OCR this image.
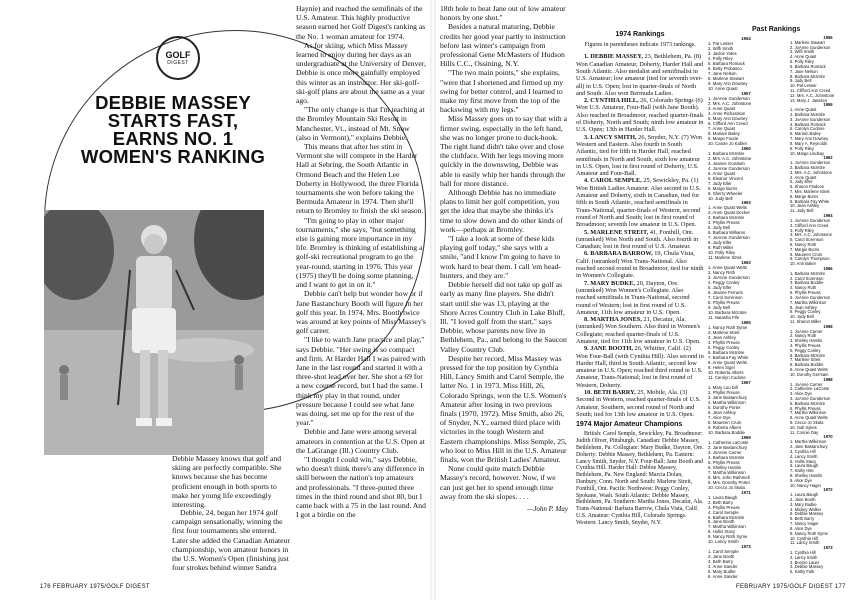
GOLF
DIGEST
DEBBIE MASSEY
STARTS FAST,
EARNS NO. 1
WOMEN'S RANKING

Debbie Massey knows that golf and skiing are perfectly compatible. She knows because she has become proficient enough in both sports to make her young life exceedingly interesting.

Debbie, 24, began her 1974 golf campaign sensationally, winning the first four tournaments she entered. Later she added the Canadian Amateur championship, won amateur honors in the U.S. Women's Open (finishing just four strokes behind winner Sandra

Haynie) and reached the semifinals of the U.S. Amateur. This highly productive season earned her Golf Digest's ranking as the No. 1 woman amateur for 1974.

As for skiing, which Miss Massey learned to enjoy during her days as an undergraduate at the University of Denver, Debbie is once more gainfully employed this winter as an instructor. Her ski-golf-ski-golf plans are about the same as a year ago.

"The only change is that I'm teaching at the Bromley Mountain Ski Resort in Manchester, Vt., instead of Mt. Snow (also in Vermont)," explains Debbie.

This means that after her stint in Vermont she will compete in the Harder Hall at Sebring, the South Atlantic in Ormond Beach and the Helen Lee Doherty in Hollywood, the three Florida tournaments she won before taking the Bermuda Amateur in 1974. Then she'll return to Bromley to finish the ski season.

"I'm going to play in other major tournaments," she says, "but something else is gaining more importance in my life. Bromley is thinking of establishing a golf-ski recreational program to go the year-round, starting in 1976. This year (1975) they'll be doing some planning, and I want to get in on it."

Debbie can't help but wonder how or if Jane Bastanchury Booth will figure in her golf this year. In 1974, Mrs. Booth twice was around at key points of Miss Massey's golf career.

"I like to watch Jane practice and play," says Debbie. "Her swing is so compact and firm. At Harder Hall I was paired with Jane in the last round and started it with a three-shot lead over her. She shot a 69 for a new course record, but I had the same. I think my play in that round, under pressure because I could see what Jane was doing, set me up for the rest of the year."

Debbie and Jane were among several amateurs in contention at the U.S. Open at the LaGrange (Ill.) Country Club.

"I thought I could win," says Debbie, who doesn't think there's any difference in skill between the nation's top amateurs and professionals. "I three-putted three times in the third round and shot 80, but I came back with a 75 in the last round. And I got a birdie on the

18th hole to beat Jane out of low amateur honors by one shot."

Besides a natural maturing, Debbie credits her good year partly to instruction before last winter's campaign from professional Gene McMasters of Hudson Hills C.C., Ossining, N.Y.

"The two main points," she explains, "were that I shortened and firmed up my swing for better control, and I learned to make my first move from the top of the backswing with my legs."

Miss Massey goes on to say that with a firmer swing, especially in the left hand, she was no longer prone to duck-hook. The right hand didn't take over and close the clubface. With her legs moving more quickly in the downswing, Debbie was able to easily whip her hands through the ball for more distance.

Although Debbie has no immediate plans to limit her golf competition, you get the idea that maybe she thinks it's time to slow down and do other kinds of work—perhaps at Bromley.

"I take a look at some of these kids playing golf today," she says with a smile, "and I know I'm going to have to work hard to beat them. I call 'em head-hunters, and they are."

Debbie herself did not take up golf as early as many fine players. She didn't start until she was 13, playing at the Shore Acres Country Club in Lake Bluff, Ill. "I loved golf from the start," says Debbie, whose parents now live in Bethlehem, Pa., and belong to the Saucon Valley Country Club.

Despite her record, Miss Massey was pressed for the top position by Cynthia Hill, Lancy Smith and Carol Semple, the latter No. 1 in 1973. Miss Hill, 26, Colorado Springs, won the U.S. Women's Amateur after losing in two previous finals (1970, 1972). Miss Smith, also 26, of Snyder, N.Y., earned third place with victories in the tough Western and Eastern championships. Miss Semple, 25, who lost to Miss Hill in the U.S. Amateur finals, won the British Ladies' Amateur.

None could quite match Debbie Massey's record, however. Now, if we can just get her to spend enough time away from the ski slopes. . . .

—John P. May
1974 Rankings
Figures in parentheses indicate 1973 rankings.

1. DEBBIE MASSEY, 23, Bethlehem, Pa. (8) Won Canadian Amateur, Doherty, Harder Hall and South Atlantic. Also medalist and semifinalist in U.S. Amateur; low amateur (tied for seventh over-all) in U.S. Open; lost in quarter-finals of North and South. Also won Bermuda Ladies.

2. CYNTHIA HILL, 26, Colorado Springs (6) Won U.S. Amateur, Four-Ball (with Jane Booth). Also reached in Broadmoor, reached quarter-finals of Doherty, North and South; ninth low amateur in U.S. Open; 13th in Harder Hall.

3. LANCY SMITH, 26, Snyder, N.Y. (7) Won Western and Eastern. Also fourth in South Atlantic, tied for fifth in Harder Hall, reached semifinals in North and South, sixth low amateur in U.S. Open, lost in first round of Doherty, U.S. Amateur and Four-Ball.

4. CAROL SEMPLE, 25, Sewickley, Pa. (1) Won British Ladies Amateur. Also second in U.S. Amateur and Doherty, sixth in Canadian, tied for fifth in South Atlantic, reached semifinals in Trans-National, quarter-finals of Western, second round of North and South; lost in first round of Broadmoor; seventh low amateur in U.S. Open.

5. MARLENE STREIT, 41, Fonthill, Ont. (unranked) Won North and South. Also fourth in Canadian; lost in first round of U.S. Amateur.

6. BARBARA BARROW, 19, Chula Vista, Calif. (unranked) Won Trans-National. Also reached second round in Broadmoor, tied for ninth in Women's Collegiate.

7. MARY BUDKE, 20, Dayton, Ore. (unranked) Won Women's Collegiate. Also reached semifinals in Trans-National, second round of Western; lost in first round of U.S. Amateur, 11th low amateur in U.S. Open.

8. MARTHA JONES, 21, Decatur, Ala. (unranked) Won Southern. Also third in Women's Collegiate; reached quarter-finals of U.S. Amateur, tied for 11th low amateur in U.S. Open.

9. JANE BOOTH, 26, Whittier, Calif. (2) Won Four-Ball (with Cynthia Hill). Also second in Harder Hall, third in South Atlantic, second low amateur in U.S. Open; reached third round in U.S. Amateur, Trans-National; lost in first round of Western, Doherty.

10. BETH BARRY, 25, Mobile, Ala. (3) Second in Western, reached quarter-finals of U.S. Amateur, Southern, second round of North and South; tied for 13th low amateur in U.S. Open.

1974 Major Amateur Champions

British: Carol Semple, Sewickley, Pa. Broadmoor: Judith Oliver, Pittsburgh. Canadian: Debbie Massey, Bethlehem, Pa. Collegiate: Mary Budke, Dayton, Ore. Doherty: Debbie Massey, Bethlehem, Pa. Eastern: Lancy Smith, Snyder, N.Y. Four-Ball: Jane Booth and Cynthia Hill. Harder Hall: Debbie Massey, Bethlehem, Pa. New England: Marcia Dolan, Danbury, Conn. North and South: Marlene Streit, Fonthill, Ont. Pacific Northwest: Peggy Conley, Spokane, Wash. South Atlantic: Debbie Massey, Bethlehem, Pa. Southern: Martha Jones, Decatur, Ala. Trans-National: Barbara Barrow, Chula Vista, Calif. U.S. Amateur: Cynthia Hill, Colorado Springs. Western: Lancy Smith, Snyder, N.Y.

Past Rankings
1954
1. Pat Lesser
2. Wiffi Smith
3. Jackie Yates
4. Polly Riley
5. Barbara Romack
6. Betty Probasco
7. Jane Nelson
8. Marlene Stewart
9. Mary Ann Downey
10. Anne Quast
1957
1. JoAnne Gunderson
2. Mrs. A.C. Johnstone
3. Anne Quast
4. Anne Richardson
5. Mary Ann Downey
6. Clifford Ann Creed
7. Anne Quast
8. Mariam Bailey
9. Marge Fourie
10. Carole Jo Kabler
1960
1. Barbara McIntire
2. Mrs. A.C. Johnstone
3. Joanne Goodwin
4. JoAnne Gunderson
5. Anne Quast
6. Eleanor Vincent
7. Judy Eller
8. Marge Burns
9. Sherry Wheeler
10. Judy Bell
1963
1. Anne Quast Welts
2. Anne Quast Decker
3. Barbara McIntire
4. Phyllis Preuss
5. Judy Bell
6. Barbara Williams
7. JoAnne Gunderson
8. Judy Eller
9. Ruth Miller
10. Polly Riley
11. Marlene Streit
1963
1. Anne Quast Welts
2. Nancy Roth
3. JoAnne Gunderson
4. Peggy Conley
5. Judy Eller
6. Jeanne Ferraris
7. Carol Sorenson
8. Phyllis Preuss
9. Judy Bell
10. Barbara McIntire
11. Natasha Fife
1965
1. Nancy Roth Syme
2. Marlene Streit
3. Jean Ashley
4. Phyllis Preuss
5. Peggy Conley
6. Barbara McIntire
7. Barbara Fay White
8. Anne Quast Welts
9. Helen Sigel
10. Roberta Albers
11. Carolyn Cudone
1967
1. Mary Lou Dill
2. Phyllis Preuss
3. Jane Bastanchury
4. Martha Wilkinson
5. Dorothy Porter
6. Jean Ashley
7. Alice Dye
8. Maureen Crum
9. Roberta Albers
10. Barbara Boddie
1969
1. Catherine LaCoste
2. Jane Bastanchury
3. JoAnne Carner
4. Barbara McIntire
5. Phyllis Preuss
6. Shelley Hamlin
7. Martha Wilkinson
8. Mrs. John Rathmell
9. Mrs. Dorothy Porter
10. Cecco Jo Skala
1971
1. Laura Baugh
2. Beth Barry
3. Phyllis Preuss
4. Carol Semple
5. Barbara McIntire
6. Jane Booth
7. Martha Wilkinson
8. Hollis Stacy
9. Nancy Roth Syme
10. Lancy Smith
1973
1. Carol Semple
2. Jane Booth
3. Beth Barry
4. Anne Sander
5. Mary Budke
6. Anne Sander
1956
1. Marlene Stewart
2. JoAnne Gunderson
3. Wiffi Smith
4. Anne Quast
5. Polly Riley
6. Barbara Romack
7. Jane Nelson
8. Barbara McIntire
9. Judy Bell
10. Pat Lesser
11. Clifford Ann Creed
12. Mrs. A.C. Johnstone
13. Mary J. Janssen
1959
1. Anne Quast
2. Barbara McIntire
3. JoAnne Gunderson
4. Barbara Romack
5. Carolyn Cudone
6. Mariam Bailey
7. Mary Ann Downey
8. Mary A. Reynolds
9. Polly Riley
10. Marge Lindsay
1962
1. JoAnne Gunderson
2. Barbara McIntire
3. Mrs. A.C. Johnstone
4. Anne Quast
5. Judy Eller
6. Sharon Fladoos
7. Mrs. Marlene Streit
8. Marge Burns
9. Barbara Fay White
10. Jean Ashley
11. Judy Bell
1964
1. JoAnne Gunderson
2. Clifford Ann Creed
3. Polly Riley
4. Mrs. A.C. Johnstone
5. Carol Sorenson
6. Nancy Roth
7. Margie Burns
8. Maureen Crum
9. Carolyn Thompson
10. Ann Baker
1966
1. Barbara McIntire
2. Carol Sorenson
3. Barbara Boddie
4. Nancy Roth
5. Phyllis Preuss
6. JoAnne Gunderson
7. Martha Wilkinson
8. Jean Ashley
9. Peggy Conley
10. Judy Bell
11. Sharon Miller
1968
1. JoAnne Carner
2. Nancy Roth
3. Shelley Hamlin
4. Phyllis Preuss
5. Peggy Conley
6. Barbara McIntire
7. Marlene Streit
8. Barbara Boddie
9. Anne Quast Welts
10. Dorothy Germain
1968
1. JoAnne Carner
2. Catherine LaCoste
3. Alice Dye
4. JoAnne Gunderson
5. Barbara McIntire
6. Phyllis Preuss
7. Martha Wilkinson
8. Anne Quast Welts
9. Cecco Jo Skala
10. Gail Sykes
11. Connie Day
1970
1. Martha Wilkinson
2. Jane Bastanchury
3. Cynthia Hill
4. Lancy Smith
5. Hollis Stacy
6. Laura Baugh
7. Kathy Hite
8. Shelley Hamlin
9. Alice Dye
10. Nancy Hager
1972
1. Laura Baugh
2. Jane Booth
3. Mary Budke
4. Mickey Walker
5. Debbie Massey
6. Beth Barry
7. Nancy Hager
8. Alice Dye
9. Nancy Roth Syme
10. Cynthia Hill
11. Lancy Smith
1973
1. Cynthia Hill
2. Lancy Smith
3. Bonnie Lauer
4. Debbie Massey
5. Kathy Falk
176 FEBRUARY 1975/GOLF DIGEST	FEBRUARY 1975/GOLF DIGEST 177
